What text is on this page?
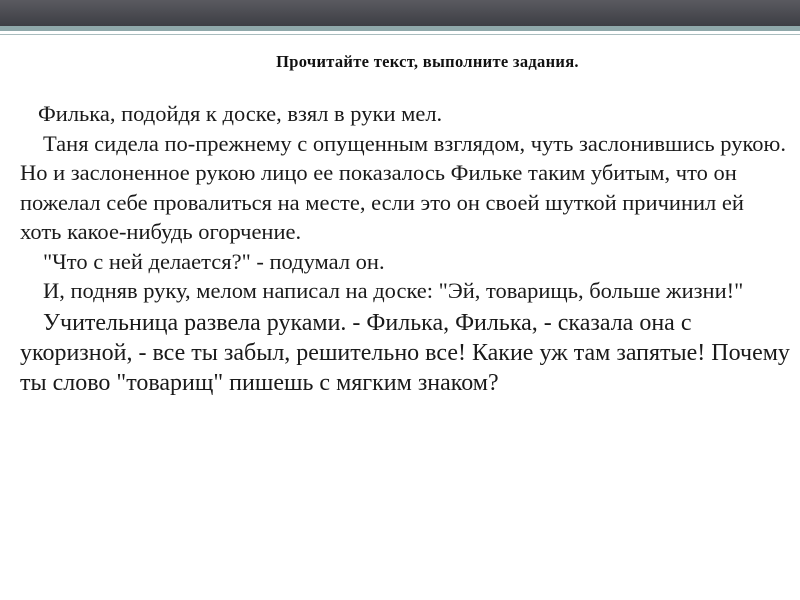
Прочитайте текст, выполните задания.
Филька, подойдя к доске, взял в руки мел.
Таня сидела по-прежнему с опущенным взглядом, чуть заслонившись рукою. Но и заслоненное рукою лицо ее показалось Фильке таким убитым, что он пожелал себе провалиться на месте, если это он своей шуткой причинил ей хоть какое-нибудь огорчение.
"Что с ней делается?" - подумал он.
И, подняв руку, мелом написал на доске: "Эй, товарищь, больше жизни!"
Учительница развела руками. - Филька, Филька, - сказала она с укоризной, - все ты забыл, решительно все! Какие уж там запятые! Почему ты слово "товарищ" пишешь с мягким знаком?
